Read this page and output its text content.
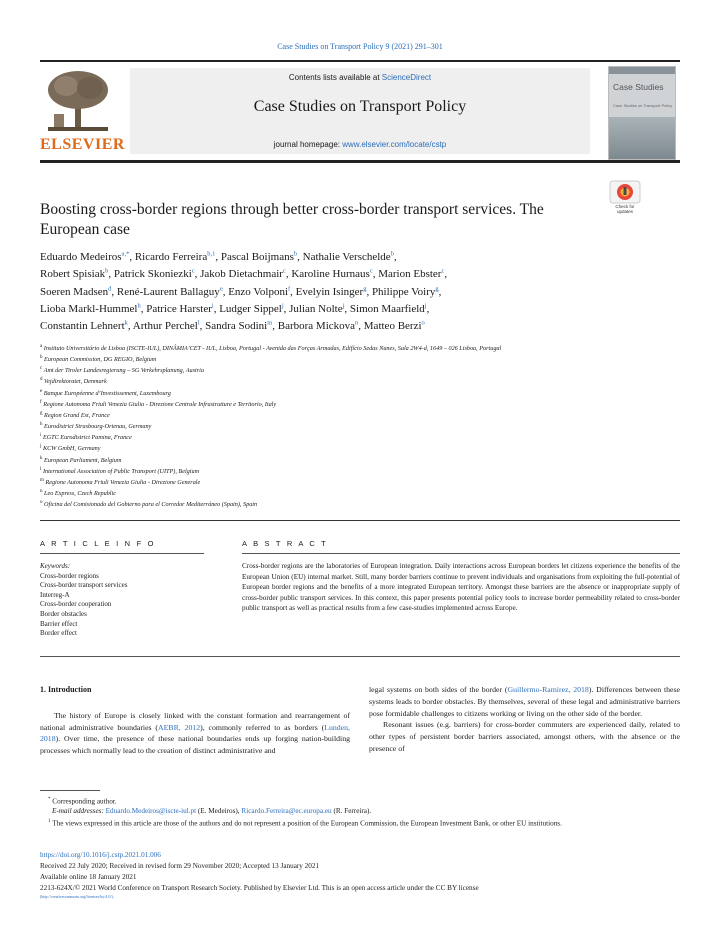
Case Studies on Transport Policy 9 (2021) 291–301
ELSEVIER
Contents lists available at ScienceDirect
Case Studies on Transport Policy
journal homepage: www.elsevier.com/locate/cstp
Case Studies
Case Studies on Transport Policy
Check for updates
Boosting cross-border regions through better cross-border transport services. The European case
Eduardo Medeiros$^{a,*}$, Ricardo Ferreira$^{b,1}$, Pascal Boijmans$^b$, Nathalie Verschelde$^b$,
Robert Spisiak$^b$, Patrick Skoniezki$^c$, Jakob Dietachmair$^c$, Karoline Hurnaus$^c$, Marion Ebster$^c$,
Soeren Madsen$^d$, René-Laurent Ballaguy$^e$, Enzo Volponi$^f$, Evelyin Isinger$^g$, Philippe Voiry$^g$,
Lioba Markl-Hummel$^h$, Patrice Harster$^i$, Ludger Sippel$^j$, Julian Nolte$^j$, Simon Maarfield$^j$,
Constantin Lehnert$^k$, Arthur Perchel$^l$, Sandra Sodini$^m$, Barbora Mickova$^n$, Matteo Berzi$^o$
$^a$ Instituto Universitário de Lisboa (ISCTE-IUL), DINÂMIA’CET - IUL, Lisboa, Portugal - Avenida das Forças Armadas, Edifício Sedas Nunes, Sala 2W4-d, 1649 – 026 Lisboa, Portugal
$^b$ European Commission, DG REGIO, Belgium
$^c$ Amt der Tiroler Landesregierung – SG Verkehrsplanung, Austria
$^d$ Vejdirektoratet, Denmark
$^e$ Banque Européenne d’Investissement, Luxembourg
$^f$ Regione Autonoma Friuli Venezia Giulia - Direzione Centrale Infrastrutture e Territorio, Italy
$^g$ Region Grand Est, France
$^h$ Eurodistrict Strasbourg-Ortenau, Germany
$^i$ EGTC Eurodistrict Pamina, France
$^j$ KCW GmbH, Germany
$^k$ European Parliament, Belgium
$^l$ International Association of Public Transport (UITP), Belgium
$^m$ Regione Autonoma Friuli Venezia Giulia - Direzione Generale
$^n$ Leo Express, Czech Republic
$^o$ Oficina del Comisionado del Gobierno para el Corredor Mediterráneo (Spain), Spain
A R T I C L E I N F O	A B S T R A C T
Keywords:
Cross-border regions
Cross-border transport services
Interreg-A
Cross-border cooperation
Border obstacles
Barrier effect
Border effect
Cross-border regions are the laboratories of European integration. Daily interactions across European borders let citizens experience the benefits of the European Union (EU) internal market. Still, many border barriers continue to prevent individuals and organisations from exploiting the full-potential of European border regions and the benefits of a more integrated European territory. Amongst these barriers are the absence or inappropriate supply of cross-border public transport services. In this context, this paper presents potential policy tools to increase border permeability related to cross-border public transport as well as practical results from a few case-studies implemented across Europe.
1. Introduction

The history of Europe is closely linked with the constant formation and rearrangement of national administrative boundaries (AEBR, 2012), commonly referred to as borders (Lunden, 2018). Over time, the presence of these national boundaries ends up forging nation-building processes which normally lead to the creation of distinct administrative and

legal systems on both sides of the border (Guillermo-Ramirez, 2018). Differences between these systems leads to border obstacles. By themselves, several of these legal and administrative barriers pose formidable challenges to citizens working or living on the other side of the border.

Resonant issues (e.g. barriers) for cross-border commuters are experienced daily, related to other types of persistent border barriers associated, amongst others, with the absence or the presence of

* Corresponding author.
E-mail addresses: Eduardo.Medeiros@iscte-iul.pt (E. Medeiros), Ricardo.Ferreira@ec.europa.eu (R. Ferreira).
$^1$ The views expressed in this article are those of the authors and do not represent a position of the European Commission, the European Investment Bank, or other EU institutions.
https://doi.org/10.1016/j.cstp.2021.01.006
Received 22 July 2020; Received in revised form 29 November 2020; Accepted 13 January 2021
Available online 18 January 2021
2213-624X/© 2021 World Conference on Transport Research Society. Published by Elsevier Ltd. This is an open access article under the CC BY license
(http://creativecommons.org/licenses/by/4.0/).
